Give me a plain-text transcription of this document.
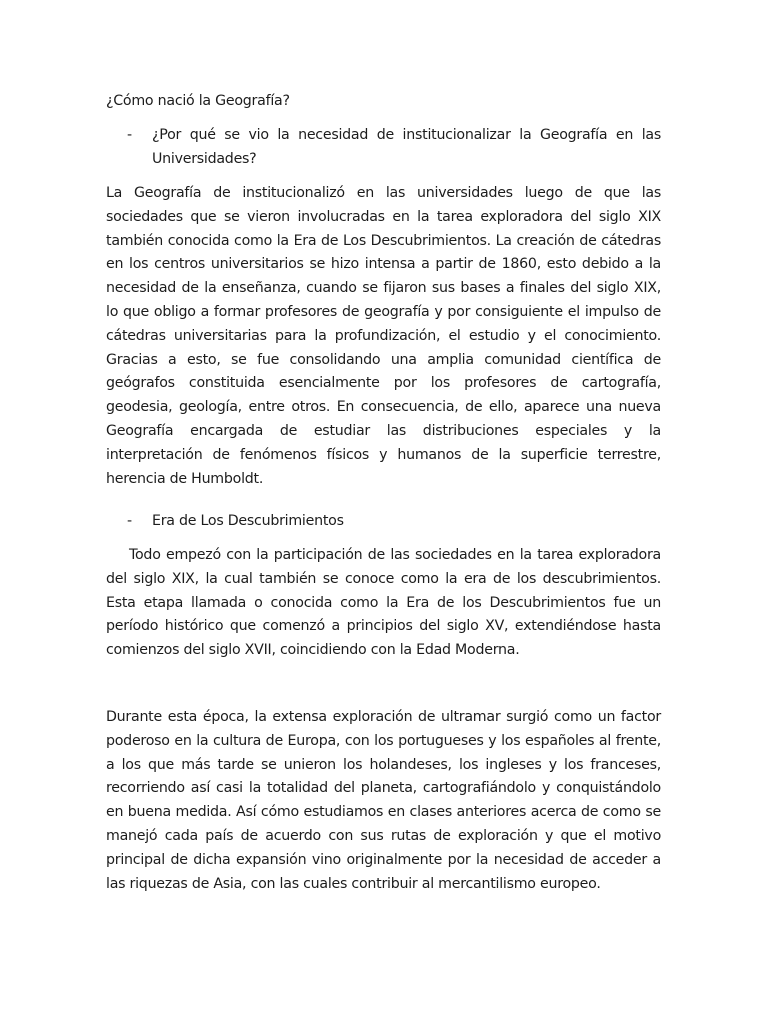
¿Cómo nació la Geografía?

-	¿Por qué se vio la necesidad de institucionalizar la Geografía en las Universidades?

La Geografía de institucionalizó en las universidades luego de que las sociedades que se vieron involucradas en la tarea exploradora del siglo XIX también conocida como la Era de Los Descubrimientos. La creación de cátedras en los centros universitarios se hizo intensa a partir de 1860, esto debido a la necesidad de la enseñanza, cuando se fijaron sus bases a finales del siglo XIX, lo que obligo a formar profesores de geografía y por consiguiente el impulso de cátedras universitarias para la profundización, el estudio y el conocimiento. Gracias a esto, se fue consolidando una amplia comunidad científica de geógrafos constituida esencialmente por los profesores de cartografía, geodesia, geología, entre otros. En consecuencia, de ello, aparece una nueva Geografía encargada de estudiar las distribuciones especiales y la interpretación de fenómenos físicos y humanos de la superficie terrestre, herencia de Humboldt.

-	Era de Los Descubrimientos

Todo empezó con la participación de las sociedades en la tarea exploradora del siglo XIX, la cual también se conoce como la era de los descubrimientos. Esta etapa llamada o conocida como la Era de los Descubrimientos fue un período histórico que comenzó a principios del siglo XV, extendiéndose hasta comienzos del siglo XVII, coincidiendo con la Edad Moderna.

Durante esta época, la extensa exploración de ultramar surgió como un factor poderoso en la cultura de Europa, con los portugueses y los españoles al frente, a los que más tarde se unieron los holandeses, los ingleses y los franceses, recorriendo así casi la totalidad del planeta, cartografiándolo y conquistándolo en buena medida. Así cómo estudiamos en clases anteriores acerca de como se manejó cada país de acuerdo con sus rutas de exploración y que el motivo principal de dicha expansión vino originalmente por la necesidad de acceder a las riquezas de Asia, con las cuales contribuir al mercantilismo europeo.
